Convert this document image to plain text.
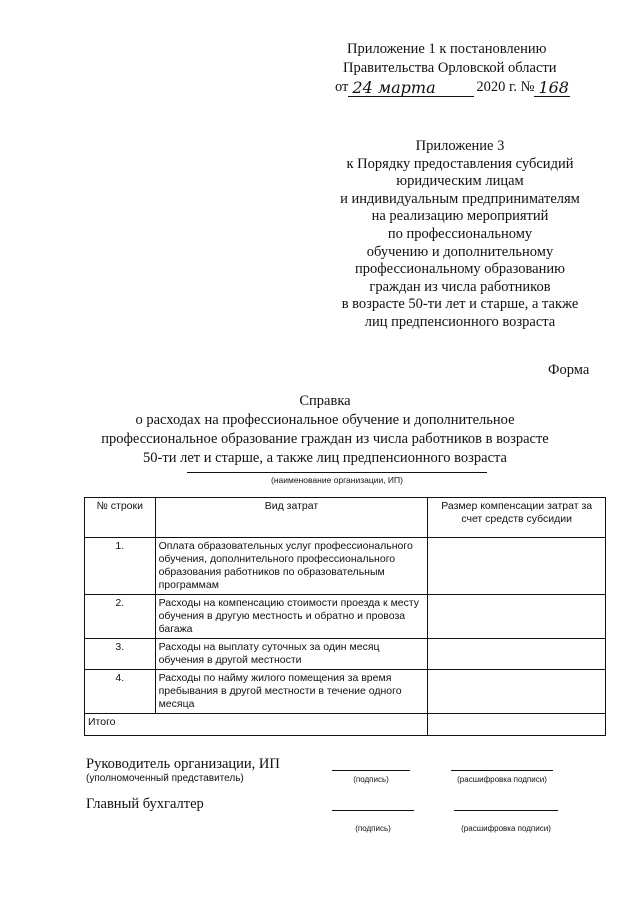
Приложение 1 к постановлению
Правительства Орловской области
от 24 марта	2020 г. № 168
Приложение 3
к Порядку предоставления субсидий
юридическим лицам
и индивидуальным предпринимателям
на реализацию мероприятий
по профессиональному
обучению и дополнительному
профессиональному образованию
граждан из числа работников
в возрасте 50-ти лет и старше, а также
лиц предпенсионного возраста
Форма
Справка
о расходах на профессиональное обучение и дополнительное
профессиональное образование граждан из числа работников в возрасте
50-ти лет и старше, а также лиц предпенсионного возраста
(наименование организации, ИП)
№ строки	Вид затрат	Размер компенсации затрат за счет средств субсидии
1.	Оплата образовательных услуг профессионального обучения, дополнительного профессионального образования работников по образовательным программам	
2.	Расходы на компенсацию стоимости проезда к месту обучения в другую местность и обратно и провоза багажа	
3.	Расходы на выплату суточных за один месяц обучения в другой местности	
4.	Расходы по найму жилого помещения за время пребывания в другой местности в течение одного месяца	
Итого		
Руководитель организации, ИП
(уполномоченный представитель)	(подпись)	(расшифровка подписи)
Главный бухгалтер
(подпись)	(расшифровка подписи)
